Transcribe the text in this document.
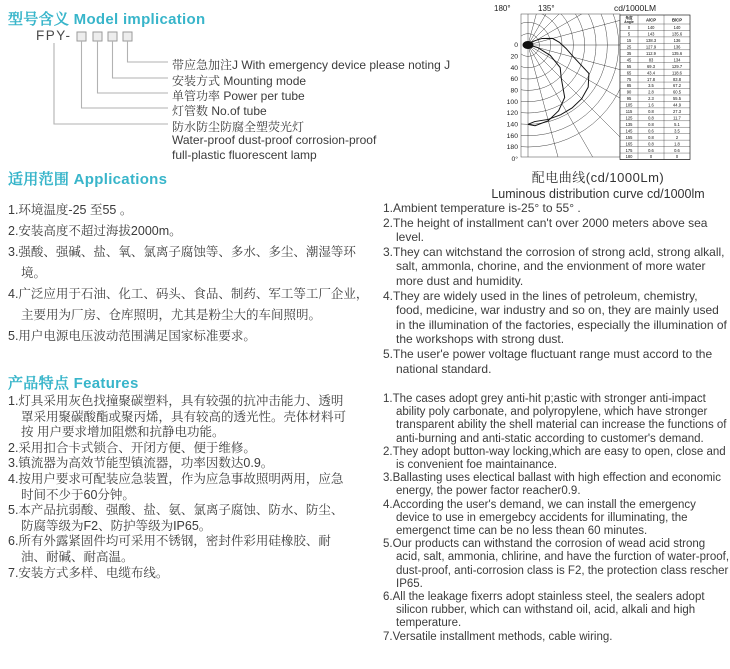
型号含义 Model implication
FPY-
带应急加注J With emergency device please noting J
安装方式 Mounting mode
单管功率 Power per tube
灯管数 No.of tube
防水防尘防腐全塑荧光灯
Water-proof dust-proof corrosion-proof
full-plastic fluorescent lamp
0
20
40
60
80
100
120
140
160
180
0°
180°	135°	cd/1000LM
角度
Angle	A/CP	B/CP
0	140	140
5	143	135.6
15	138.3	136
25	127.9	136
35	112.9	135.6
45	83	134
55	69.3	129.7
65	43.4	118.6
75	17.8	83.8
85	3.5	67.2
90	2.8	60.5
95	2.3	55.5
105	1.6	44.9
115	0.8	27.3
125	0.8	11.7
135	0.8	5.1
145	0.6	3.5
155	0.8	2
165	0.8	1.8
175	0.6	0.6
180	0	0
配电曲线(cd/1000Lm)
Luminous distribution curve cd/1000lm
适用范围 Applications
1.环境温度-25 至55 。
2.安装高度不超过海拔2000m。
3.强酸、强碱、盐、氧、氯离子腐蚀等、多水、多尘、潮湿等环境。
4.广泛应用于石油、化工、码头、食品、制药、军工等工厂企业，主要用为厂房、仓库照明，尤其是粉尘大的车间照明。
5.用户电源电压波动范围满足国家标准要求。
1.Ambient temperature is-25° to 55° .
2.The height of installment can't over 2000 meters above sea level.
3.They can witchstand the corrosion of strong acld, strong alkall, salt, ammonla, chorine, and the envionment of more water more dust and humidity.
4.They are widely used in the lines of petroleum, chemistry, food, medicine, war industry and so on, they are mainly used in the illumination of the factories, especially the illumination of the workshops with strong dust.
5.The user'e power voltage fluctuant range must accord to the national standard.
产品特点 Features
1.灯具采用灰色找撞聚碳塑料，具有较强的抗冲击能力、透明罩采用聚碳酸酯或聚丙烯，具有较高的透光性。壳体材料可按 用户要求增加阻燃和抗静电功能。
2.采用扣合卡式锁合、开闭方便、便于维修。
3.镇流器为高效节能型镇流器，功率因数达0.9。
4.按用户要求可配装应急装置，作为应急事故照明两用，应急时间不少于60分钟。
5.本产品抗弱酸、强酸、盐、氨、氯离子腐蚀、防水、防尘、防腐等级为F2、防护等级为IP65。
6.所有外露紧固件均可采用不锈钢，密封件彩用硅橡胶、耐油、耐碱、耐高温。
7.安装方式多样、电缆布线。
1.The cases adopt grey anti-hit p;astic with stronger anti-impact ability poly carbonate, and polyropylene, which have stronger transparent ability the shell material can increase the functions of anti-burning and anti-static according to customer's demand.
2.They adopt button-way locking,which are easy to open, close and is convenient foe maintainance.
3.Ballasting uses electical ballast with high effection and economic energy, the power factor reacher0.9.
4.According the user's demand, we can install the emergency device to use in emergebcy accidents for illuminating, the emergenct time can be no less thean 60 minutes.
5.Our products can withstand the corrosion of wead acid strong acid, salt, ammonia, chlirine, and have the furction of water-proof, dust-proof, anti-corrosion class is F2, the protection class rescher IP65.
6.All the leakage fixerrs adopt stainless steel, the sealers adopt silicon rubber, which can withstand oil, acid, alkali and high temperature.
7.Versatile installment methods, cable wiring.
